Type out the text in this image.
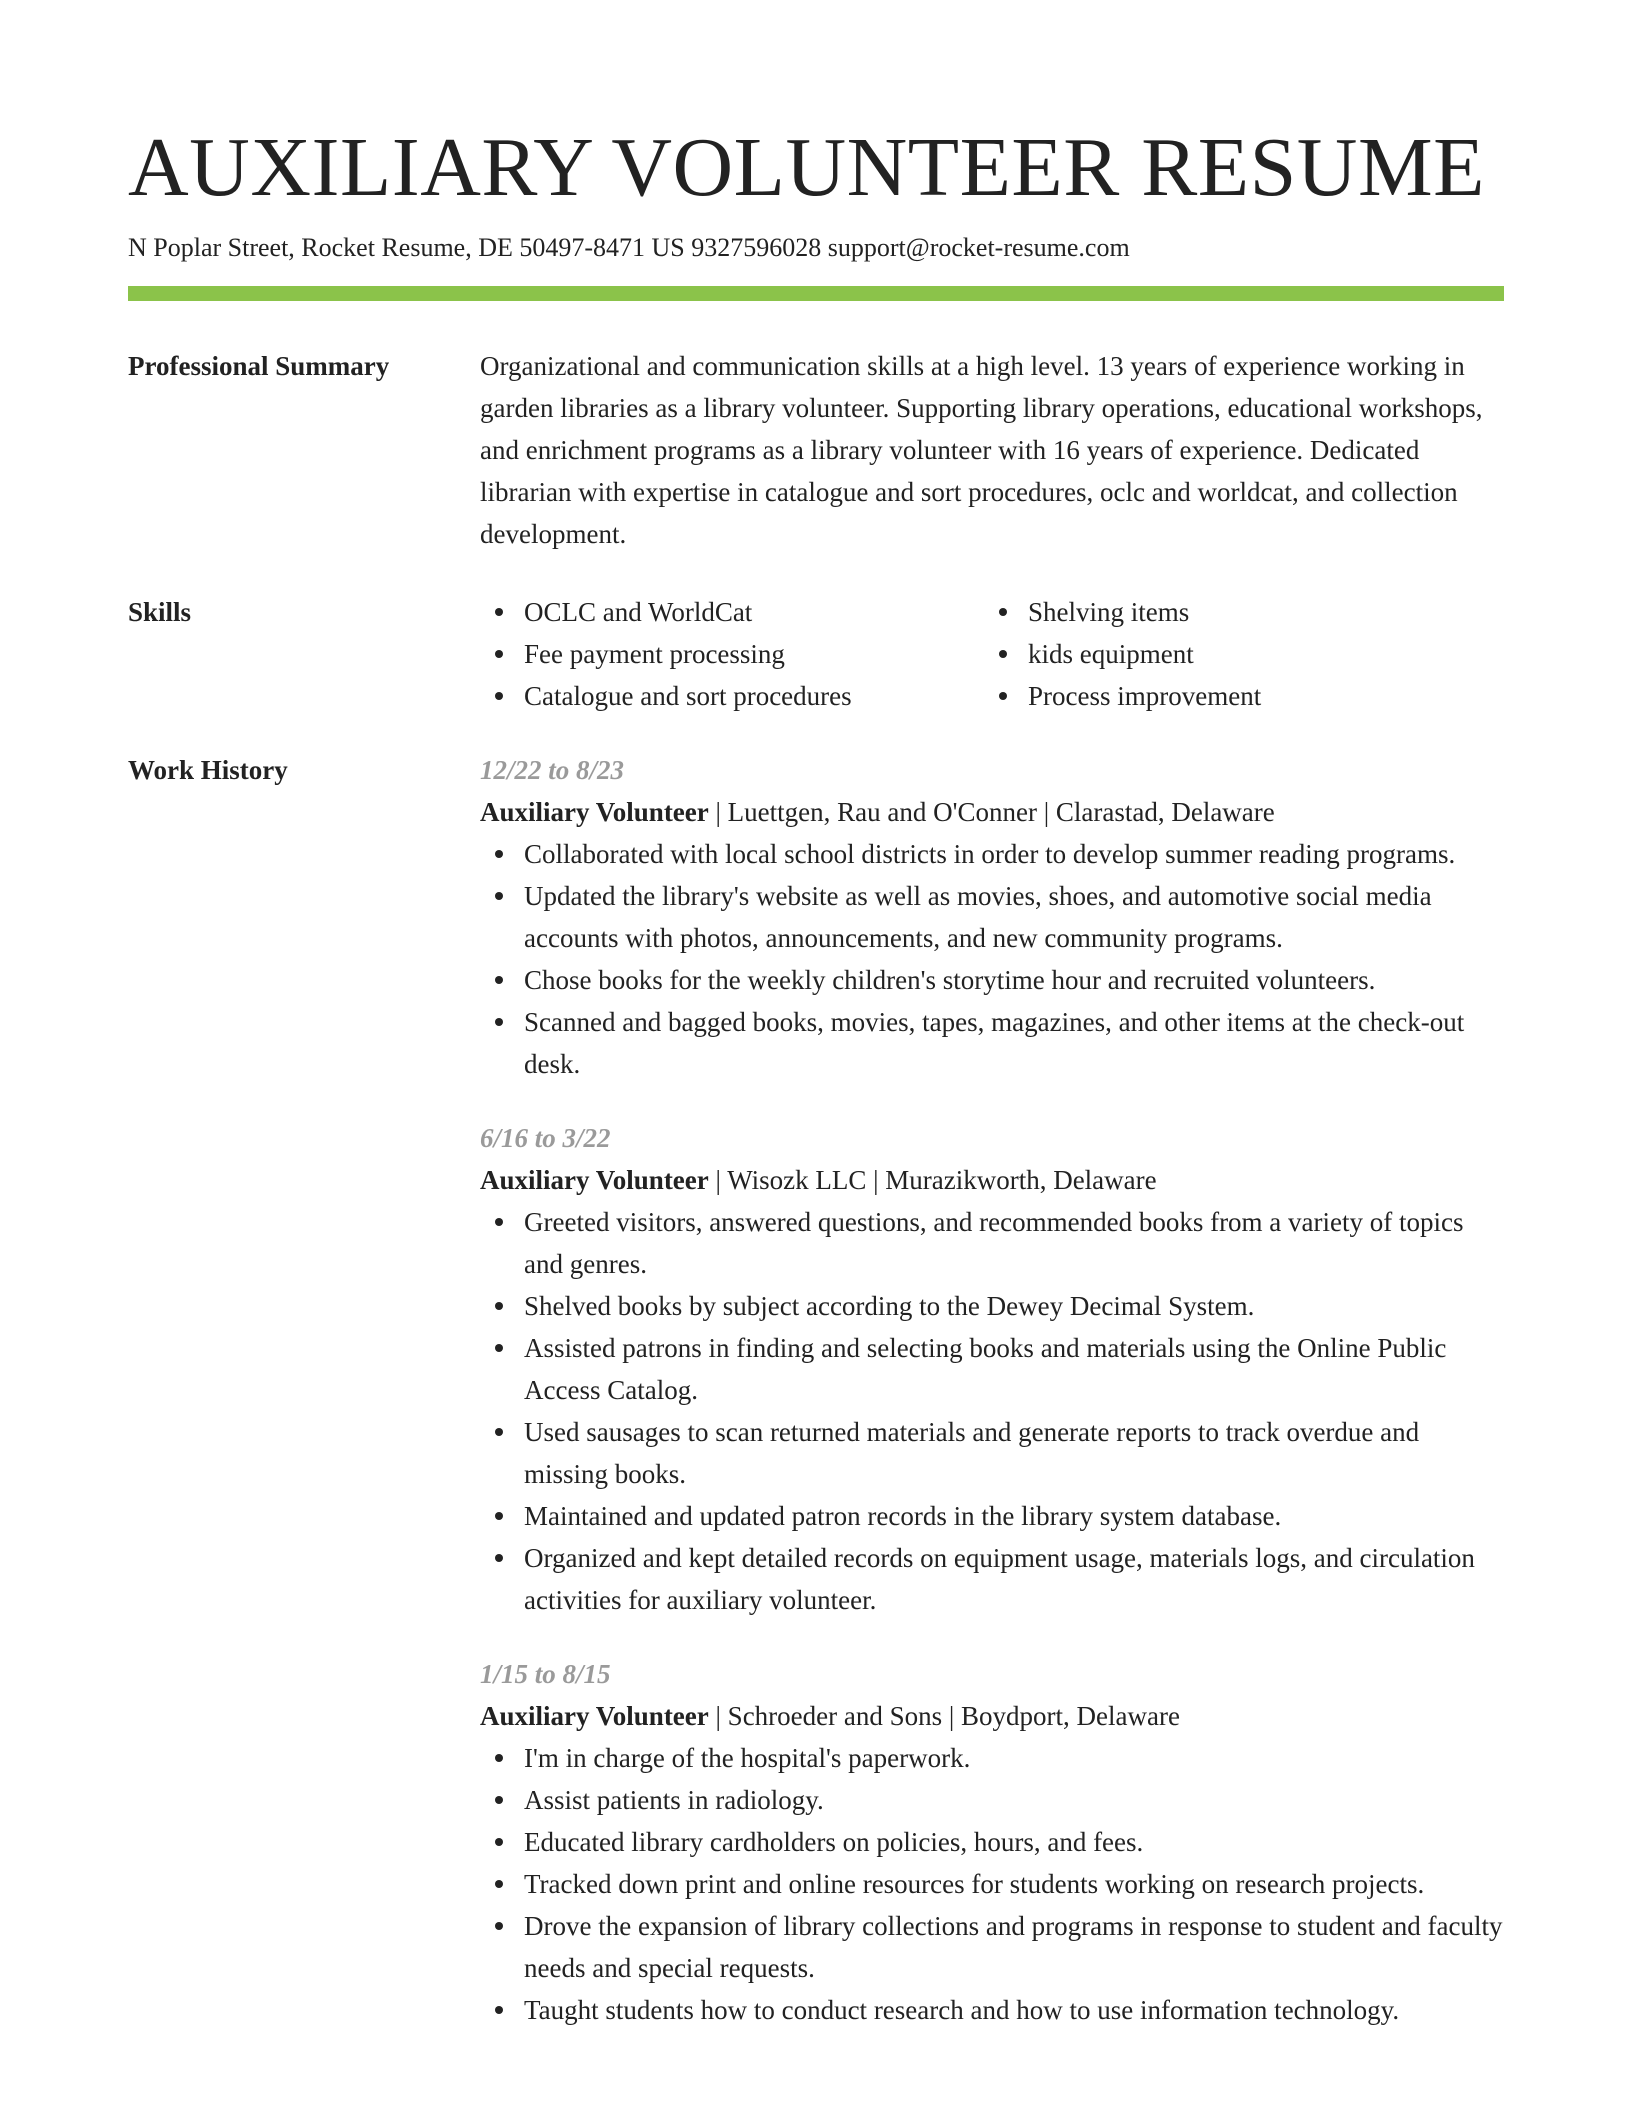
AUXILIARY VOLUNTEER RESUME
N Poplar Street, Rocket Resume, DE 50497-8471 US 9327596028 support@rocket-resume.com
Professional Summary	Organizational and communication skills at a high level. 13 years of experience working in garden libraries as a library volunteer. Supporting library operations, educational workshops, and enrichment programs as a library volunteer with 16 years of experience. Dedicated librarian with expertise in catalogue and sort procedures, oclc and worldcat, and collection development.

Skills	OCLC and WorldCat
Fee payment processing
Catalogue and sort procedures
Shelving items
kids equipment
Process improvement
Work History	12/22 to 8/23
Auxiliary Volunteer | Luettgen, Rau and O'Conner | Clarastad, Delaware
Collaborated with local school districts in order to develop summer reading programs.
Updated the library's website as well as movies, shoes, and automotive social media accounts with photos, announcements, and new community programs.
Chose books for the weekly children's storytime hour and recruited volunteers.
Scanned and bagged books, movies, tapes, magazines, and other items at the check-out desk.
6/16 to 3/22
Auxiliary Volunteer | Wisozk LLC | Murazikworth, Delaware
Greeted visitors, answered questions, and recommended books from a variety of topics and genres.
Shelved books by subject according to the Dewey Decimal System.
Assisted patrons in finding and selecting books and materials using the Online Public Access Catalog.
Used sausages to scan returned materials and generate reports to track overdue and missing books.
Maintained and updated patron records in the library system database.
Organized and kept detailed records on equipment usage, materials logs, and circulation activities for auxiliary volunteer.
1/15 to 8/15
Auxiliary Volunteer | Schroeder and Sons | Boydport, Delaware
I'm in charge of the hospital's paperwork.
Assist patients in radiology.
Educated library cardholders on policies, hours, and fees.
Tracked down print and online resources for students working on research projects.
Drove the expansion of library collections and programs in response to student and faculty needs and special requests.
Taught students how to conduct research and how to use information technology.
